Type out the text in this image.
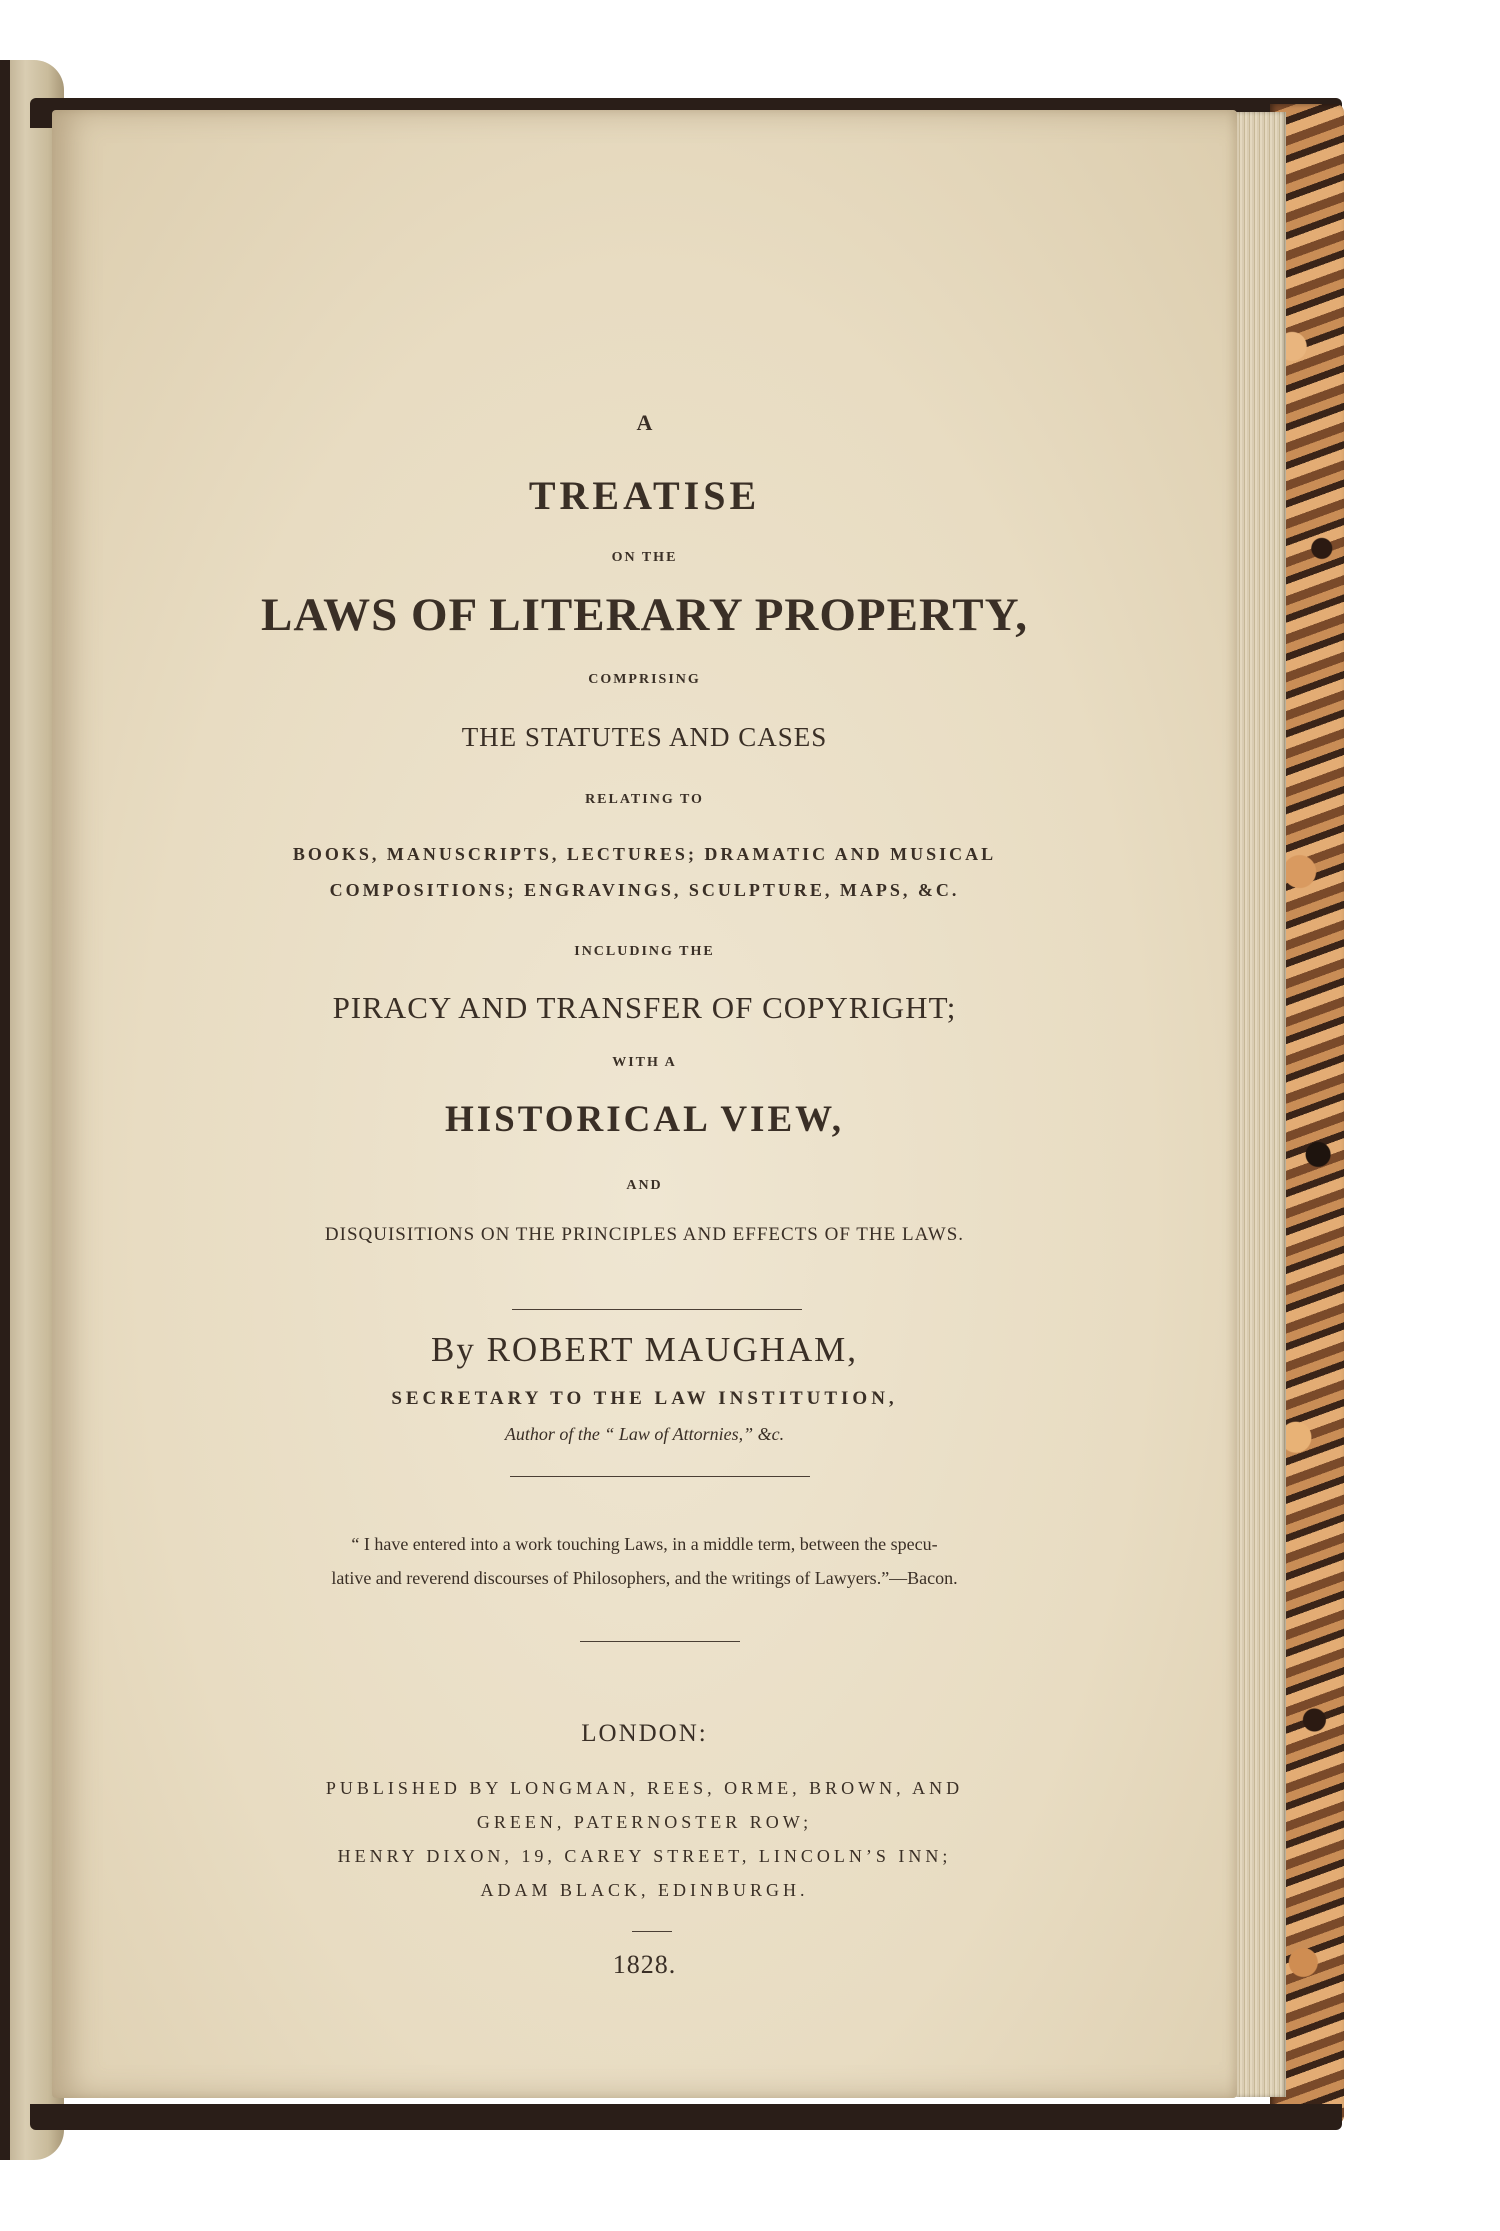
A
TREATISE
ON THE
LAWS OF LITERARY PROPERTY,
COMPRISING
THE STATUTES AND CASES
RELATING TO
BOOKS, MANUSCRIPTS, LECTURES; DRAMATIC AND MUSICAL
COMPOSITIONS; ENGRAVINGS, SCULPTURE, MAPS, &C.
INCLUDING THE
PIRACY AND TRANSFER OF COPYRIGHT;
WITH A
HISTORICAL VIEW,
AND
DISQUISITIONS ON THE PRINCIPLES AND EFFECTS OF THE LAWS.
By ROBERT MAUGHAM,
SECRETARY TO THE LAW INSTITUTION,
Author of the “ Law of Attornies,” &c.
“ I have entered into a work touching Laws, in a middle term, between the specu-
lative and reverend discourses of Philosophers, and the writings of Lawyers.”—Bacon.
LONDON:
PUBLISHED BY LONGMAN, REES, ORME, BROWN, AND
GREEN, PATERNOSTER ROW;
HENRY DIXON, 19, CAREY STREET, LINCOLN’S INN;
ADAM BLACK, EDINBURGH.
1828.
